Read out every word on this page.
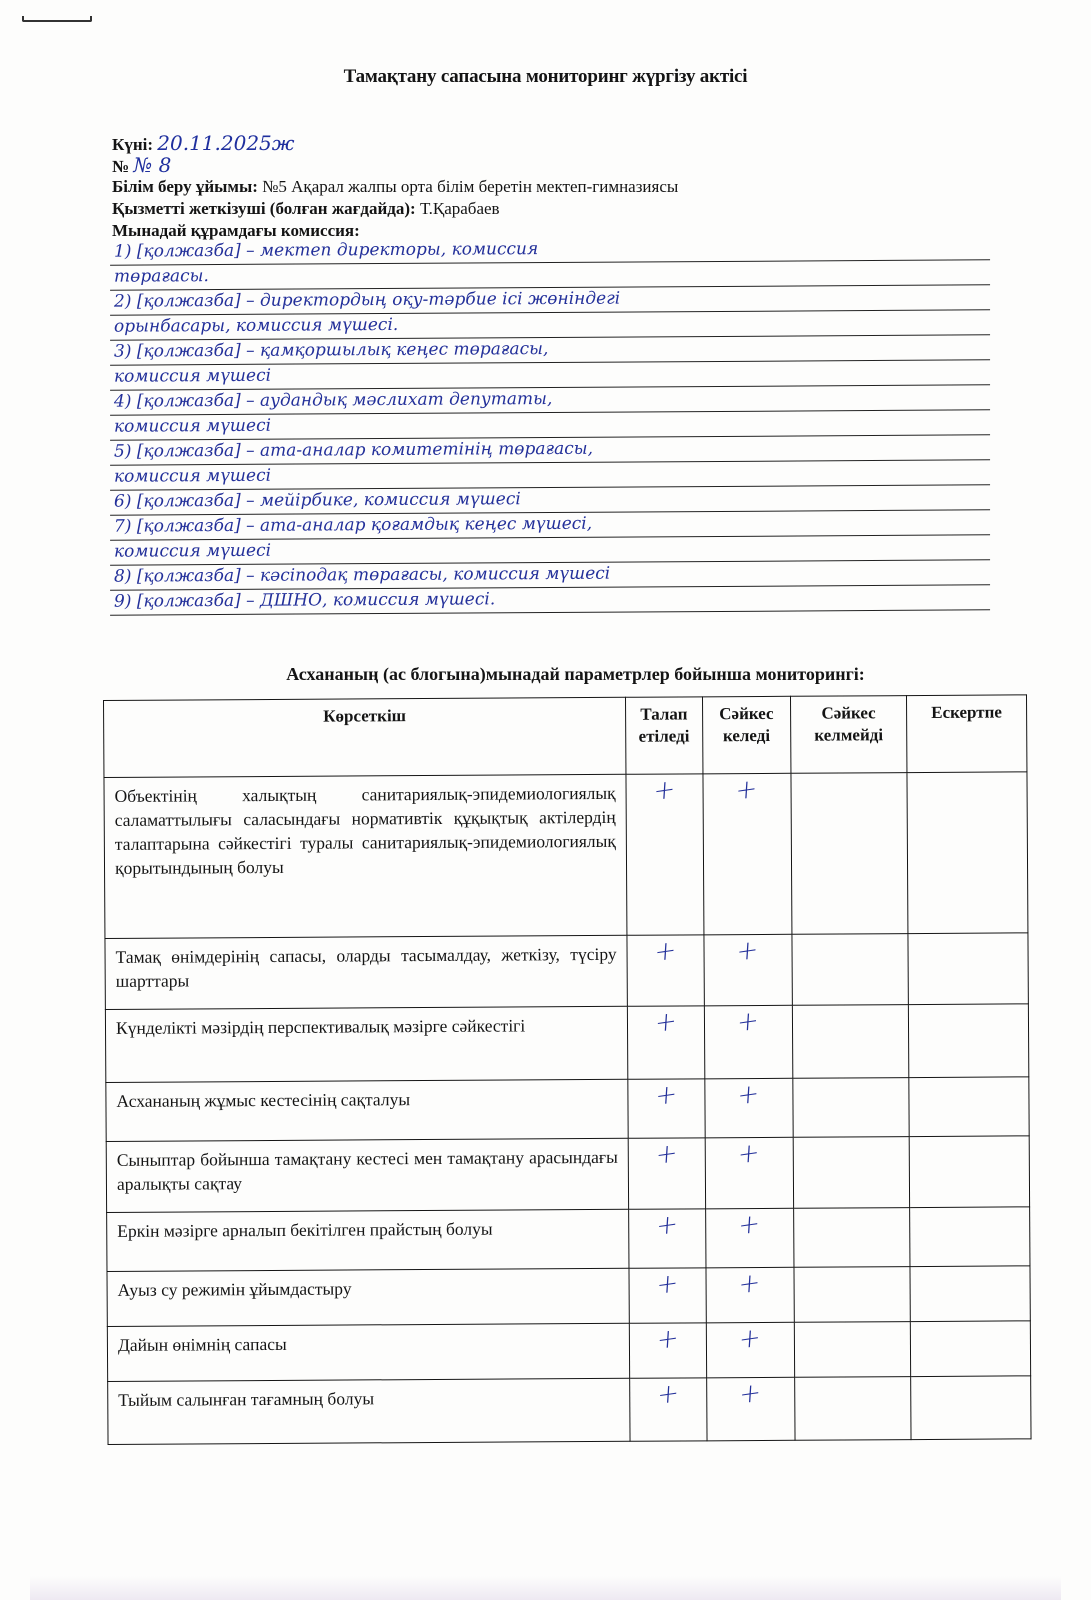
Тамақтану сапасына мониторинг жүргізу актісі
Күні: 20.11.2025ж
№ № 8
Білім беру ұйымы: №5 Ақарал жалпы орта білім беретін мектеп-гимназиясы
Қызметті жеткізуші (болған жағдайда): Т.Қарабаев
Мынадай құрамдағы комиссия:
1) [қолжазба] – мектеп директоры, комиссия
төрағасы.
2) [қолжазба] – директордың оқу-тәрбие ісі жөніндегі
орынбасары, комиссия мүшесі.
3) [қолжазба] – қамқоршылық кеңес төрағасы,
комиссия мүшесі
4) [қолжазба] – аудандық мәслихат депутаты,
комиссия мүшесі
5) [қолжазба] – ата-аналар комитетінің төрағасы,
комиссия мүшесі
6) [қолжазба] – мейірбике, комиссия мүшесі
7) [қолжазба] – ата-аналар қоғамдық кеңес мүшесі,
комиссия мүшесі
8) [қолжазба] – кәсіподақ төрағасы, комиссия мүшесі
9) [қолжазба] – ДШНО, комиссия мүшесі.
Асхананың (ас блогына)мынадай параметрлер бойынша мониторингі:
Көрсеткіш	Талап етіледі	Сәйкес келеді	Сәйкес келмейді	Ескертпе
Объектінің халықтың санитариялық-эпидемиологиялық саламаттылығы саласындағы нормативтік құқықтық актілердің талаптарына сәйкестігі туралы санитариялық-эпидемиологиялық қорытындының болуы	+	+		
Тамақ өнімдерінің сапасы, оларды тасымалдау, жеткізу, түсіру шарттары	+	+		
Күнделікті мәзірдің перспективалық мәзірге сәйкестігі	+	+		
Асхананың жұмыс кестесінің сақталуы	+	+		
Сыныптар бойынша тамақтану кестесі мен тамақтану арасындағы аралықты сақтау	+	+		
Еркін мәзірге арналып бекітілген прайстың болуы	+	+		
Ауыз су режимін ұйымдастыру	+	+		
Дайын өнімнің сапасы	+	+		
Тыйым салынған тағамның болуы	+	+		
